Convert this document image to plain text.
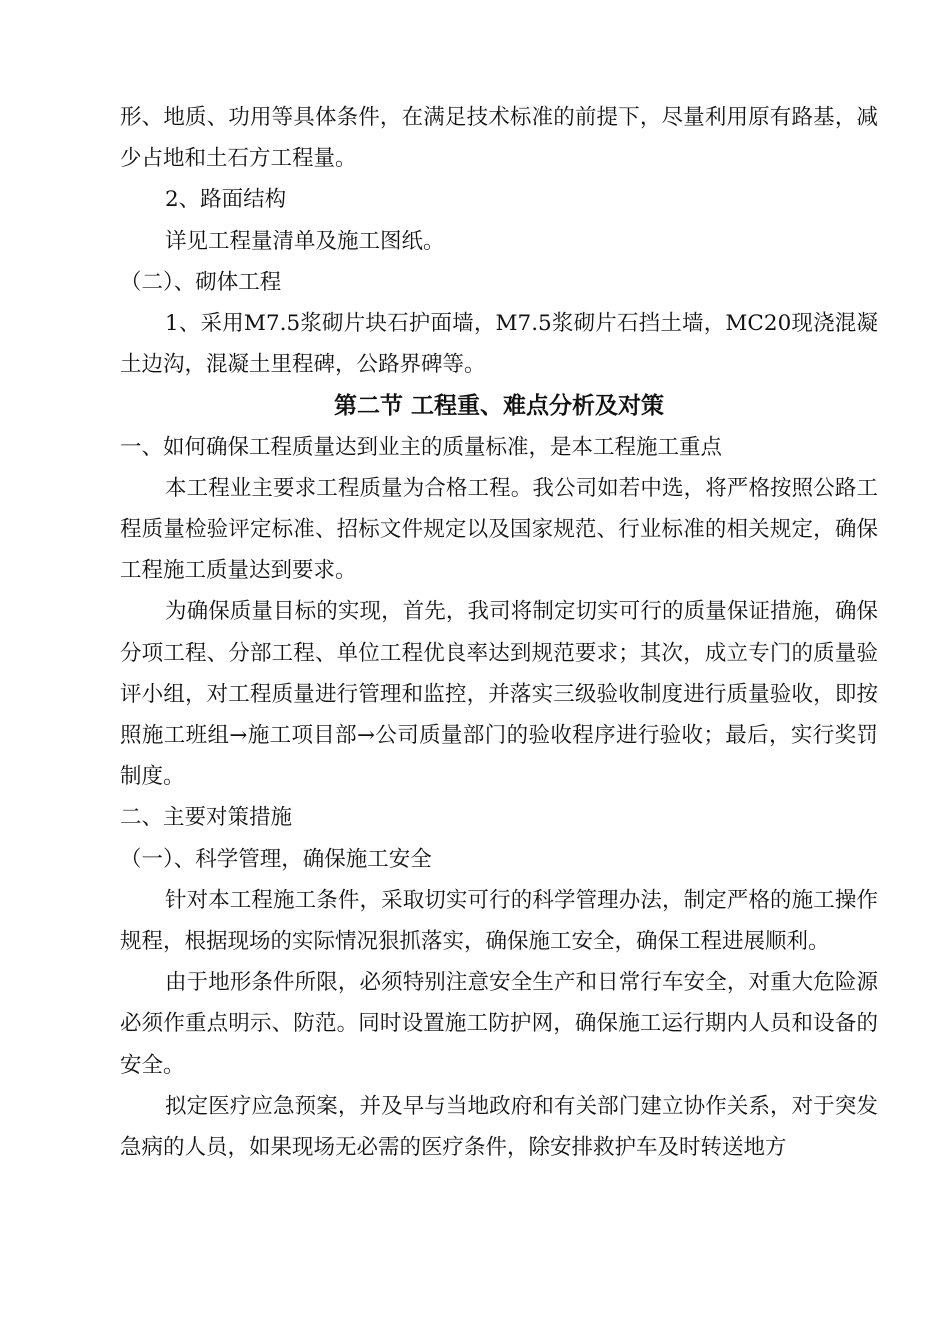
形、地质、功用等具体条件，在满足技术标准的前提下，尽量利用原有路基，减少占地和土石方工程量。

2、路面结构

详见工程量清单及施工图纸。

（二）、砌体工程

1、采用M7.5浆砌片块石护面墙，M7.5浆砌片石挡土墙，MC20现浇混凝土边沟，混凝土里程碑，公路界碑等。

第二节 工程重、难点分析及对策

一、如何确保工程质量达到业主的质量标准，是本工程施工重点

本工程业主要求工程质量为合格工程。我公司如若中选，将严格按照公路工程质量检验评定标准、招标文件规定以及国家规范、行业标准的相关规定，确保工程施工质量达到要求。

为确保质量目标的实现，首先，我司将制定切实可行的质量保证措施，确保分项工程、分部工程、单位工程优良率达到规范要求；其次，成立专门的质量验评小组，对工程质量进行管理和监控，并落实三级验收制度进行质量验收，即按照施工班组→施工项目部→公司质量部门的验收程序进行验收；最后，实行奖罚制度。

二、主要对策措施

（一）、科学管理，确保施工安全

针对本工程施工条件，采取切实可行的科学管理办法，制定严格的施工操作规程，根据现场的实际情况狠抓落实，确保施工安全，确保工程进展顺利。

由于地形条件所限，必须特别注意安全生产和日常行车安全，对重大危险源必须作重点明示、防范。同时设置施工防护网，确保施工运行期内人员和设备的安全。

拟定医疗应急预案，并及早与当地政府和有关部门建立协作关系，对于突发急病的人员，如果现场无必需的医疗条件，除安排救护车及时转送地方
